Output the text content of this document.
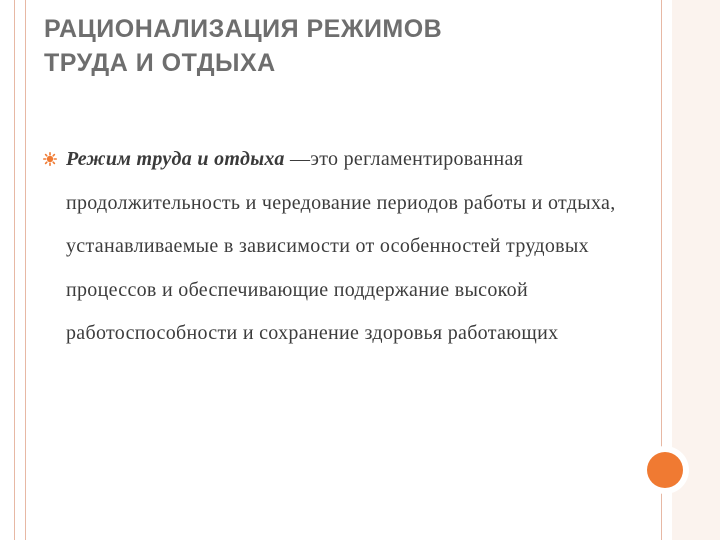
РАЦИОНАЛИЗАЦИЯ РЕЖИМОВ
ТРУДА И ОТДЫХА
Режим труда и отдыха —это регламентированная продолжительность и чередование периодов работы и отдыха, устанавливаемые в зависимости от особенностей трудовых процессов и обеспечивающие поддержание высокой работоспособности и сохранение здоровья работающих
